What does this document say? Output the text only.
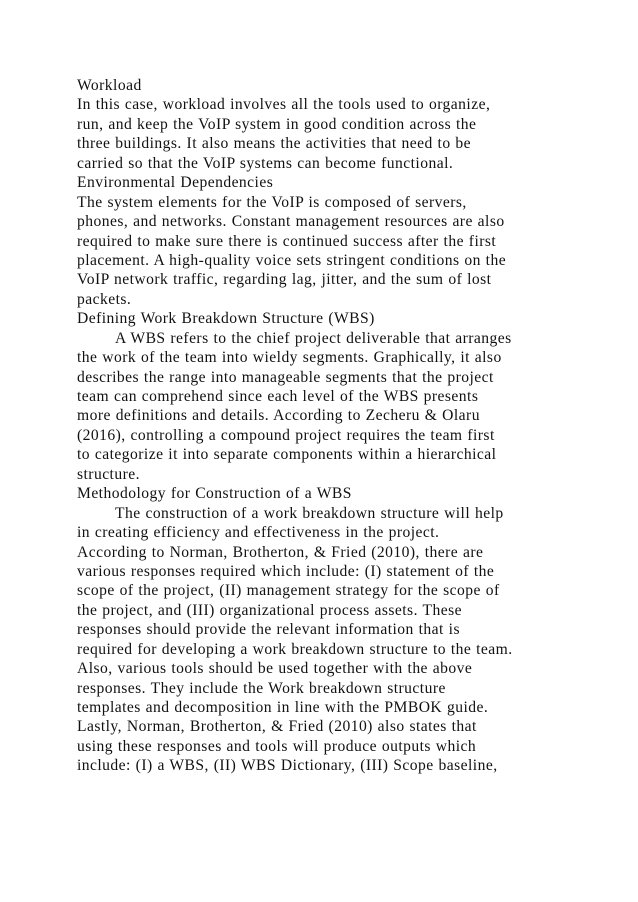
Workload
In this case, workload involves all the tools used to organize,
run, and keep the VoIP system in good condition across the
three buildings. It also means the activities that need to be
carried so that the VoIP systems can become functional.
Environmental Dependencies
The system elements for the VoIP is composed of servers,
phones, and networks. Constant management resources are also
required to make sure there is continued success after the first
placement. A high-quality voice sets stringent conditions on the
VoIP network traffic, regarding lag, jitter, and the sum of lost
packets.
Defining Work Breakdown Structure (WBS)
A WBS refers to the chief project deliverable that arranges
the work of the team into wieldy segments. Graphically, it also
describes the range into manageable segments that the project
team can comprehend since each level of the WBS presents
more definitions and details. According to Zecheru & Olaru
(2016), controlling a compound project requires the team first
to categorize it into separate components within a hierarchical
structure.
Methodology for Construction of a WBS
The construction of a work breakdown structure will help
in creating efficiency and effectiveness in the project.
According to Norman, Brotherton, & Fried (2010), there are
various responses required which include: (I) statement of the
scope of the project, (II) management strategy for the scope of
the project, and (III) organizational process assets. These
responses should provide the relevant information that is
required for developing a work breakdown structure to the team.
Also, various tools should be used together with the above
responses. They include the Work breakdown structure
templates and decomposition in line with the PMBOK guide.
Lastly, Norman, Brotherton, & Fried (2010) also states that
using these responses and tools will produce outputs which
include: (I) a WBS, (II) WBS Dictionary, (III) Scope baseline,
